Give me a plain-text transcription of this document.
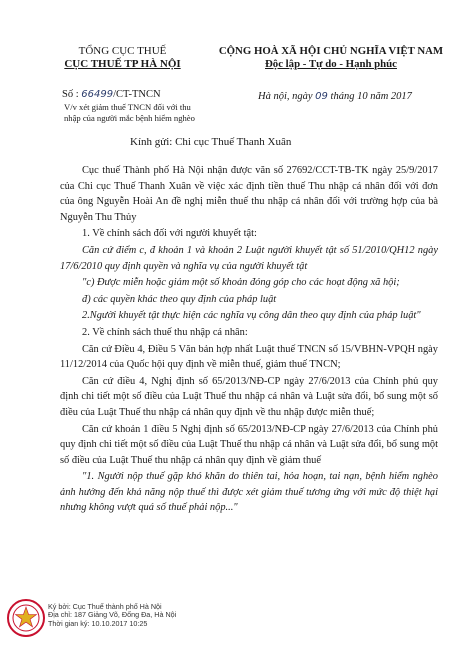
TỔNG CỤC THUẾ
CỤC THUẾ TP HÀ NỘI
Số : 66499/CT-TNCN
V/v xét giảm thuế TNCN đối với thu
nhập của người mắc bệnh hiểm nghèo
CỘNG HOÀ XÃ HỘI CHỦ NGHĨA VIỆT NAM
Độc lập - Tự do - Hạnh phúc
Hà nội, ngày 09 tháng 10 năm 2017
Kính gửi: Chi cục Thuế Thanh Xuân

Cục thuế Thành phố Hà Nội nhận được văn số 27692/CCT-TB-TK ngày 25/9/2017 của Chi cục Thuế Thanh Xuân về việc xác định tiền thuế Thu nhập cá nhân đối với đơn của ông Nguyễn Hoài An đề nghị miễn thuế thu nhập cá nhân đối với trường hợp của bà Nguyễn Thu Thủy

1. Về chính sách đối với người khuyết tật:

Căn cứ điểm c, đ khoản 1 và khoản 2 Luật người khuyết tật số 51/2010/QH12 ngày 17/6/2010 quy định quyền và nghĩa vụ của người khuyết tật

"c) Được miễn hoặc giảm một số khoản đóng góp cho các hoạt động xã hội;

đ) các quyền khác theo quy định của pháp luật

2.Người khuyết tật thực hiện các nghĩa vụ công dân theo quy định của pháp luật"

2. Về chính sách thuế thu nhập cá nhân:

Căn cứ Điều 4, Điều 5 Văn bản hợp nhất Luật thuế TNCN số 15/VBHN-VPQH ngày 11/12/2014 của Quốc hội quy định về miễn thuế, giảm thuế TNCN;

Căn cứ điều 4, Nghị định số 65/2013/NĐ-CP ngày 27/6/2013 của Chính phủ quy định chi tiết một số điều của Luật Thuế thu nhập cá nhân và Luật sửa đổi, bổ sung một số điều của Luật Thuế thu nhập cá nhân quy định về thu nhập được miễn thuế;

Căn cứ khoản 1 điều 5 Nghị định số 65/2013/NĐ-CP ngày 27/6/2013 của Chính phủ quy định chi tiết một số điều của Luật Thuế thu nhập cá nhân và Luật sửa đổi, bổ sung một số điều của Luật Thuế thu nhập cá nhân quy định về giảm thuế

"1. Người nộp thuế gặp khó khăn do thiên tai, hỏa hoạn, tai nạn, bệnh hiểm nghèo ảnh hưởng đến khả năng nộp thuế thì được xét giảm thuế tương ứng với mức độ thiệt hại nhưng không vượt quá số thuế phải nộp..."

Ký bởi: Cục Thuế thành phố Hà Nội
Địa chỉ: 187 Giảng Võ, Đống Đa, Hà Nội
Thời gian ký: 10.10.2017 10:25
